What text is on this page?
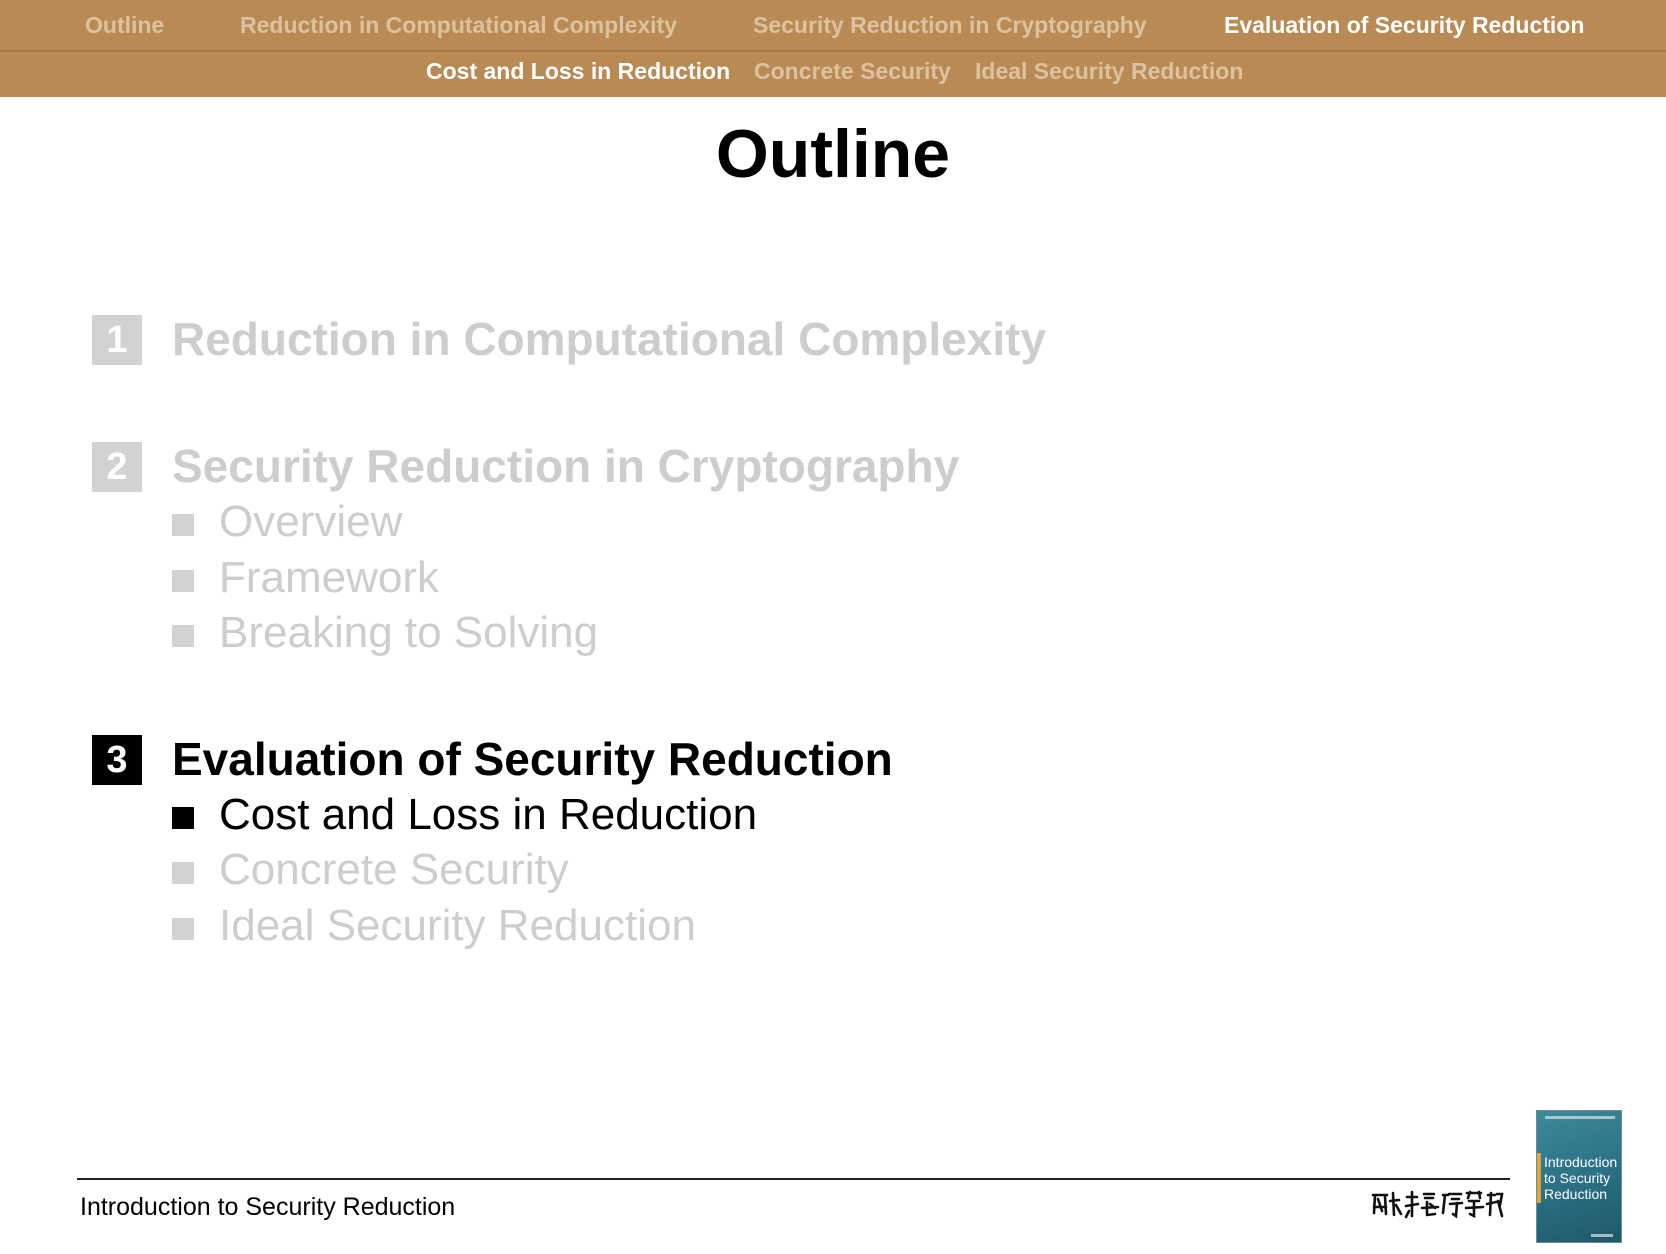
Outline	Reduction in Computational Complexity	Security Reduction in Cryptography	Evaluation of Security Reduction
Cost and Loss in Reduction Concrete Security Ideal Security Reduction
Outline
1 Reduction in Computational Complexity
2 Security Reduction in Cryptography
Overview
Framework
Breaking to Solving
3 Evaluation of Security Reduction
Cost and Loss in Reduction
Concrete Security
Ideal Security Reduction
Introduction to Security Reduction
Introduction to Security Reduction
